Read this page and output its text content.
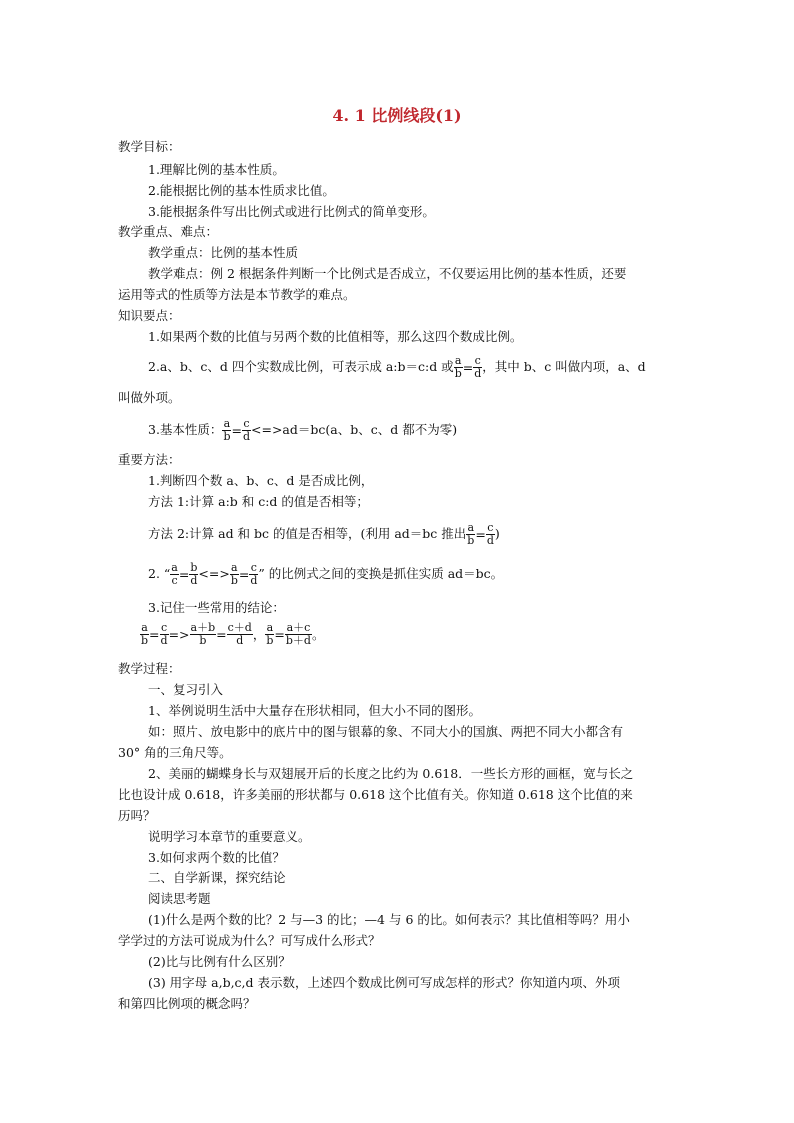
4. 1 比例线段(1)
教学目标：
1.理解比例的基本性质。
2.能根据比例的基本性质求比值。
3.能根据条件写出比例式或进行比例式的简单变形。
教学重点、难点：
教学重点：比例的基本性质
教学难点：例 2 根据条件判断一个比例式是否成立，不仅要运用比例的基本性质，还要
运用等式的性质等方法是本节教学的难点。
知识要点：
1.如果两个数的比值与另两个数的比值相等，那么这四个数成比例。
2.a、b、c、d 四个实数成比例，可表示成 a:b＝c:d 或 $\frac{a}{b} = \frac{c}{d}$ ，其中 b、c 叫做内项，a、d
叫做外项。
3.基本性质： $\frac{a}{b} = \frac{c}{d} <=>ad=bc(a$、b、c、d 都不为零)
重要方法：
1.判断四个数 a、b、c、d 是否成比例，
方法 1:计算 a:b 和 c:d 的值是否相等；
方法 2:计算 ad 和 bc 的值是否相等，(利用 ad＝bc 推出 $\frac{a}{b} = \frac{c}{d}$ )
2. “ $\frac{a}{c} = \frac{b}{d}$ <=> $\frac{a}{b} = \frac{c}{d}$ ” 的比例式之间的变换是抓住实质 ad＝bc。
3.记住一些常用的结论：
$\frac{a}{b} = \frac{c}{d} => \frac{a+b}{b} = \frac{c+d}{d}$ ， $\frac{a}{b} = \frac{a+c}{b+d}$ 。
教学过程：
一、复习引入
1、举例说明生活中大量存在形状相同，但大小不同的图形。
如：照片、放电影中的底片中的图与银幕的象、不同大小的国旗、两把不同大小都含有
30° 角的三角尺等。
2、美丽的蝴蝶身长与双翅展开后的长度之比约为 0.618．一些长方形的画框，宽与长之
比也设计成 0.618，许多美丽的形状都与 0.618 这个比值有关。你知道 0.618 这个比值的来
历吗？
说明学习本章节的重要意义。
3.如何求两个数的比值？
二、自学新课，探究结论
阅读思考题
(1)什么是两个数的比？2 与—3 的比；—4 与 6 的比。如何表示？其比值相等吗？用小
学学过的方法可说成为什么？可写成什么形式？
(2)比与比例有什么区别？
(3) 用字母 a,b,c,d 表示数，上述四个数成比例可写成怎样的形式？你知道内项、外项
和第四比例项的概念吗？
